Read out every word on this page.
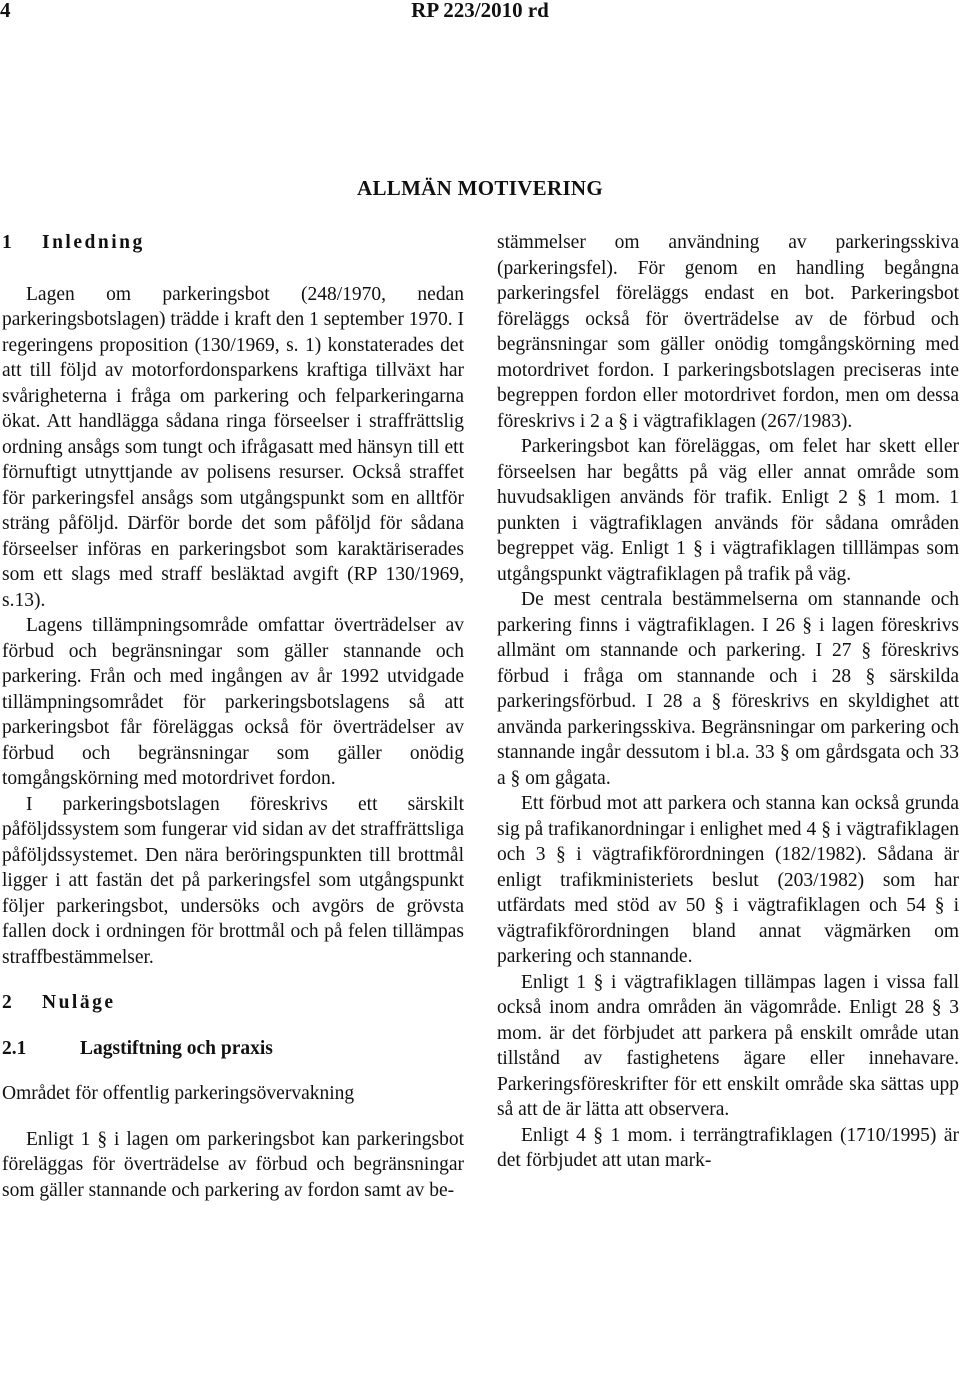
4	RP 223/2010 rd
ALLMÄN MOTIVERING
1 Inledning

Lagen om parkeringsbot (248/1970, nedan parkeringsbotslagen) trädde i kraft den 1 september 1970. I regeringens proposition (130/1969, s. 1) konstaterades det att till följd av motorfordonsparkens kraftiga tillväxt har svårigheterna i fråga om parkering och felparkeringarna ökat. Att handlägga sådana ringa förseelser i straffrättslig ordning ansågs som tungt och ifrågasatt med hänsyn till ett förnuftigt utnyttjande av polisens resurser. Också straffet för parkeringsfel ansågs som utgångspunkt som en alltför sträng påföljd. Därför borde det som påföljd för sådana förseelser införas en parkeringsbot som karaktäriserades som ett slags med straff besläktad avgift (RP 130/1969, s.13).

Lagens tillämpningsområde omfattar överträdelser av förbud och begränsningar som gäller stannande och parkering. Från och med ingången av år 1992 utvidgade tillämpningsområdet för parkeringsbotslagens så att parkeringsbot får föreläggas också för överträdelser av förbud och begränsningar som gäller onödig tomgångskörning med motordrivet fordon.

I parkeringsbotslagen föreskrivs ett särskilt påföljdssystem som fungerar vid sidan av det straffrättsliga påföljdssystemet. Den nära beröringspunkten till brottmål ligger i att fastän det på parkeringsfel som utgångspunkt följer parkeringsbot, undersöks och avgörs de grövsta fallen dock i ordningen för brottmål och på felen tillämpas straffbestämmelser.

2 Nuläge
2.1	Lagstiftning och praxis
Området för offentlig parkeringsövervakning

Enligt 1 § i lagen om parkeringsbot kan parkeringsbot föreläggas för överträdelse av förbud och begränsningar som gäller stannande och parkering av fordon samt av be-

stämmelser om användning av parkeringsskiva (parkeringsfel). För genom en handling begångna parkeringsfel föreläggs endast en bot. Parkeringsbot föreläggs också för överträdelse av de förbud och begränsningar som gäller onödig tomgångskörning med motordrivet fordon. I parkeringsbotslagen preciseras inte begreppen fordon eller motordrivet fordon, men om dessa föreskrivs i 2 a § i vägtrafiklagen (267/1983).

Parkeringsbot kan föreläggas, om felet har skett eller förseelsen har begåtts på väg eller annat område som huvudsakligen används för trafik. Enligt 2 § 1 mom. 1 punkten i vägtrafiklagen används för sådana områden begreppet väg. Enligt 1 § i vägtrafiklagen tilllämpas som utgångspunkt vägtrafiklagen på trafik på väg.

De mest centrala bestämmelserna om stannande och parkering finns i vägtrafiklagen. I 26 § i lagen föreskrivs allmänt om stannande och parkering. I 27 § föreskrivs förbud i fråga om stannande och i 28 § särskilda parkeringsförbud. I 28 a § föreskrivs en skyldighet att använda parkeringsskiva. Begränsningar om parkering och stannande ingår dessutom i bl.a. 33 § om gårdsgata och 33 a § om gågata.

Ett förbud mot att parkera och stanna kan också grunda sig på trafikanordningar i enlighet med 4 § i vägtrafiklagen och 3 § i vägtrafikförordningen (182/1982). Sådana är enligt trafikministeriets beslut (203/1982) som har utfärdats med stöd av 50 § i vägtrafiklagen och 54 § i vägtrafikförordningen bland annat vägmärken om parkering och stannande.

Enligt 1 § i vägtrafiklagen tillämpas lagen i vissa fall också inom andra områden än vägområde. Enligt 28 § 3 mom. är det förbjudet att parkera på enskilt område utan tillstånd av fastighetens ägare eller innehavare. Parkeringsföreskrifter för ett enskilt område ska sättas upp så att de är lätta att observera.

Enligt 4 § 1 mom. i terrängtrafiklagen (1710/1995) är det förbjudet att utan mark-
